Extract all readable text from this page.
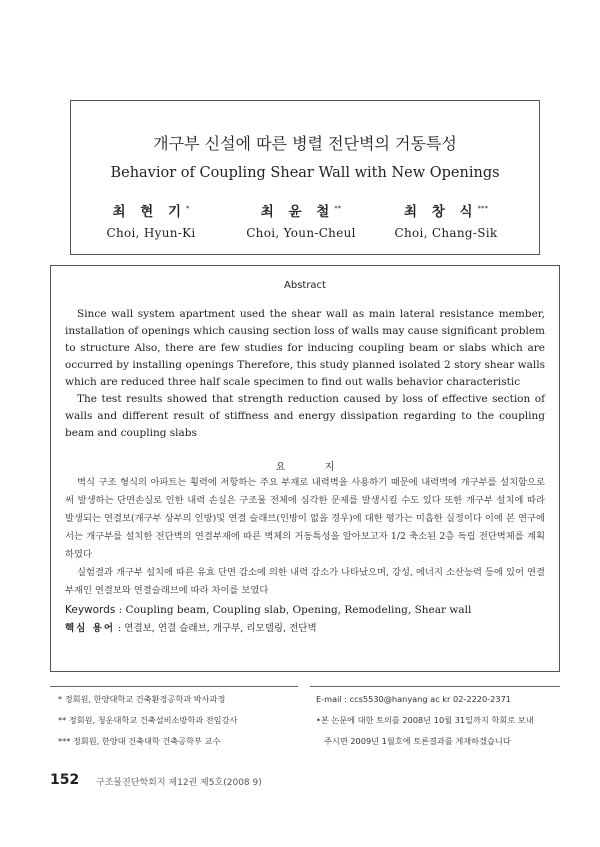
개구부 신설에 따른 병렬 전단벽의 거동특성
Behavior of Coupling Shear Wall with New Openings
최 현 기*
Choi, Hyun-Ki
최 윤 철**
Choi, Youn-Cheul
최 창 식***
Choi, Chang-Sik
Abstract

Since wall system apartment used the shear wall as main lateral resistance member, installation of openings which causing section loss of walls may cause significant problem to structure Also, there are few studies for inducing coupling beam or slabs which are occurred by installing openings Therefore, this study planned isolated 2 story shear walls which are reduced three half scale specimen to find out walls behavior characteristic

The test results showed that strength reduction caused by loss of effective section of walls and different result of stiffness and energy dissipation regarding to the coupling beam and coupling slabs

요 지

벽식 구조 형식의 아파트는 횡력에 저항하는 주요 부재로 내력벽을 사용하기 때문에 내력벽에 개구부를 설치함으로써 발생하는 단면손실로 인한 내력 손실은 구조물 전체에 심각한 문제를 발생시킬 수도 있다 또한 개구부 설치에 따라 발생되는 연결보(개구부 상부의 인방)및 연결 슬래브(인방이 없을 경우)에 대한 평가는 미흡한 실정이다 이에 본 연구에서는 개구부를 설치한 전단벽의 연결부재에 따른 벽체의 거동특성을 알아보고자 1/2 축소된 2층 독립 전단벽체를 계획하였다

실험결과 개구부 설치에 따른 유효 단면 감소에 의한 내력 감소가 나타났으며, 강성, 에너지 소산능력 등에 있어 연결부재인 연결보와 연결슬래브에 따라 차이를 보였다

Keywords : Coupling beam, Coupling slab, Opening, Remodeling, Shear wall
핵심 용어 : 연결보, 연결 슬래브, 개구부, 리모델링, 전단벽
* 정회원, 한양대학교 건축환경공학과 박사과정
** 정회원, 청운대학교 건축설비소방학과 전임강사
*** 정회원, 한양대 건축대학 건축공학부 교수
E-mail : ccs5530@hanyang ac kr 02-2220-2371
•본 논문에 대한 토의를 2008년 10월 31일까지 학회로 보내
주시면 2009년 1월호에 토론결과를 게재하겠습니다
152 구조물진단학회지 제12권 제5호(2008 9)
